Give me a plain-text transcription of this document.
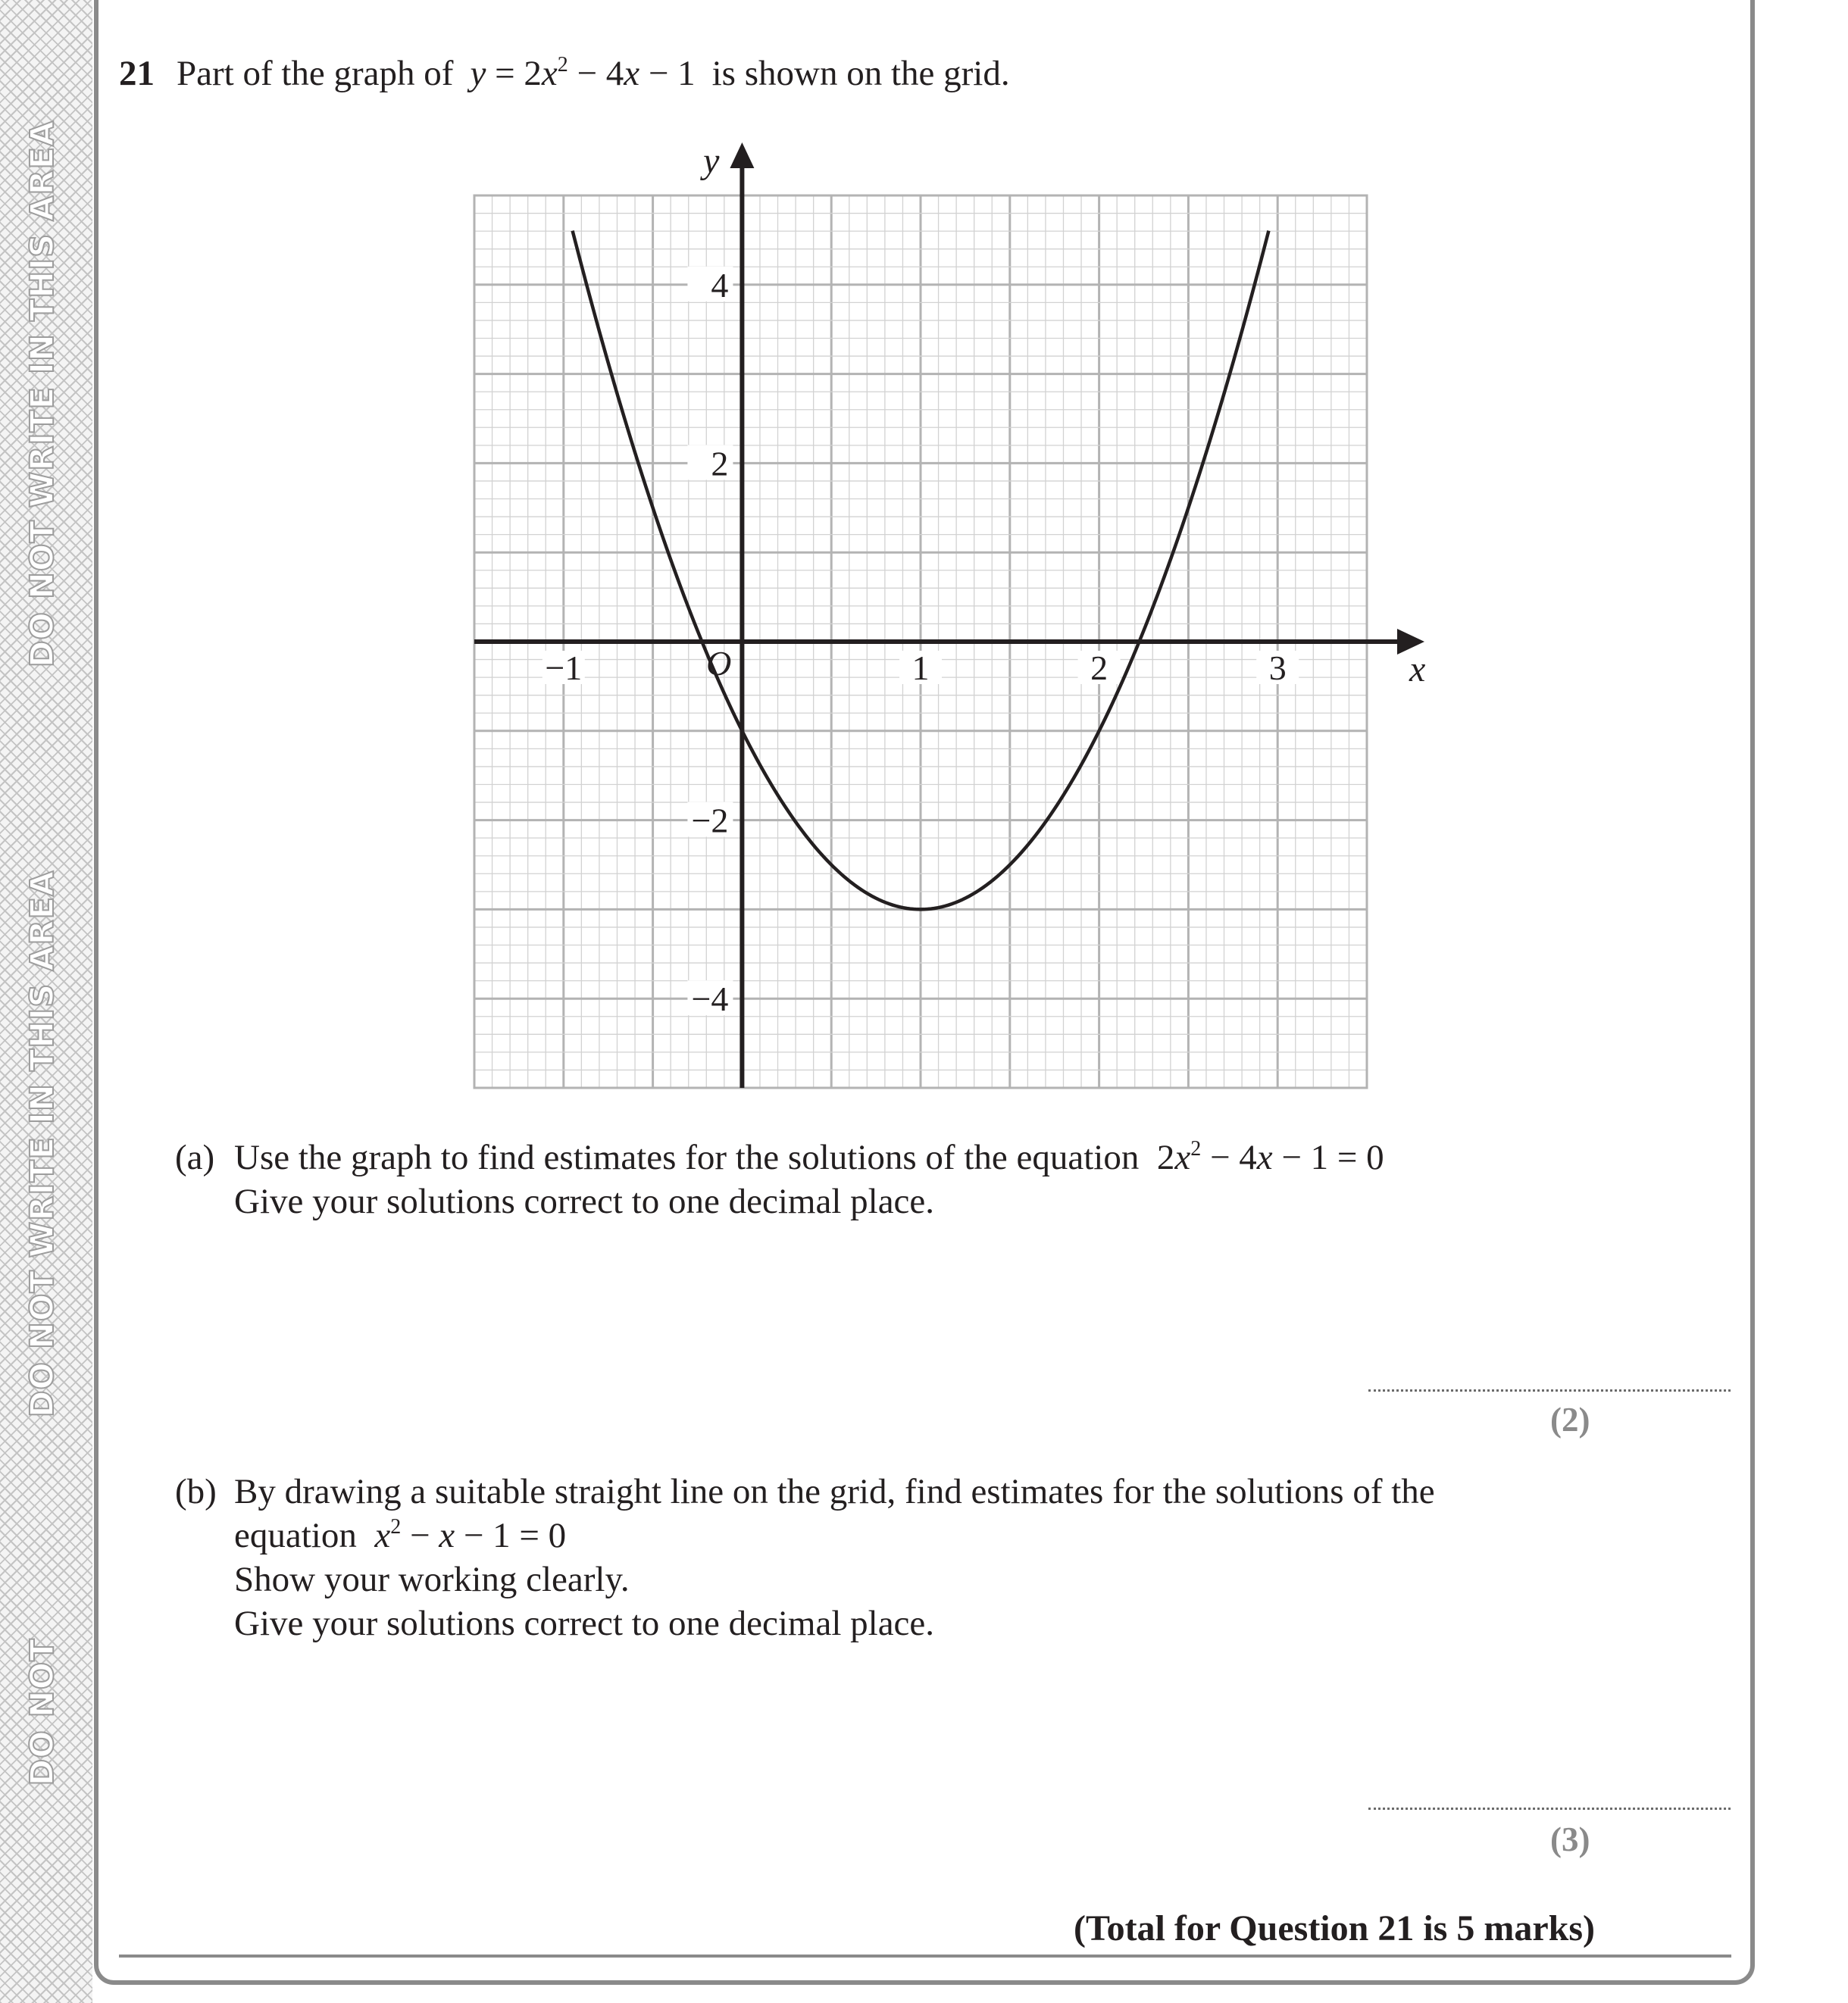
DO NOT WRITE IN THIS AREA
DO NOT WRITE IN THIS AREA
DO NOT
21 Part of the graph of $y = 2x^2 - 4x - 1$ is shown on the grid.
−1	1	2	3
4
2
−2
−4
O	x
y
(a) Use the graph to find estimates for the solutions of the equation $2x^2 - 4x - 1 = 0$
Give your solutions correct to one decimal place.
(2)
(b) By drawing a suitable straight line on the grid, find estimates for the solutions of the
equation $x^2 - x - 1 = 0$
Show your working clearly.
Give your solutions correct to one decimal place.
(3)
(Total for Question 21 is 5 marks)
